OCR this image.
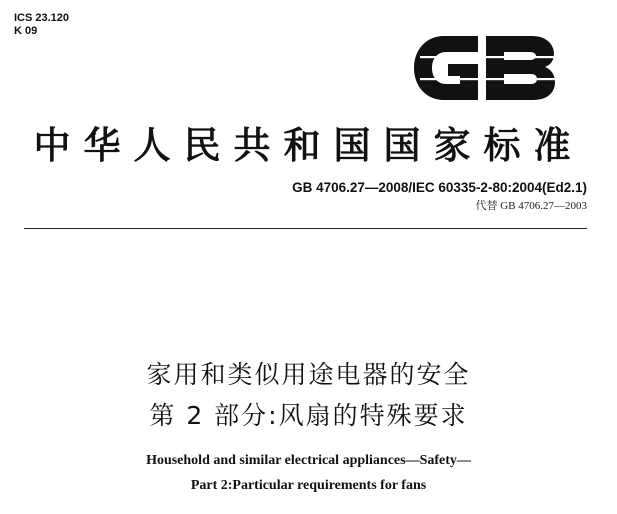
ICS 23.120
K 09
中华人民共和国国家标准
GB 4706.27—2008/IEC 60335-2-80:2004(Ed2.1)
代替 GB 4706.27—2003
家用和类似用途电器的安全
第 2 部分:风扇的特殊要求
Household and similar electrical appliances—Safety—
Part 2:Particular requirements for fans
